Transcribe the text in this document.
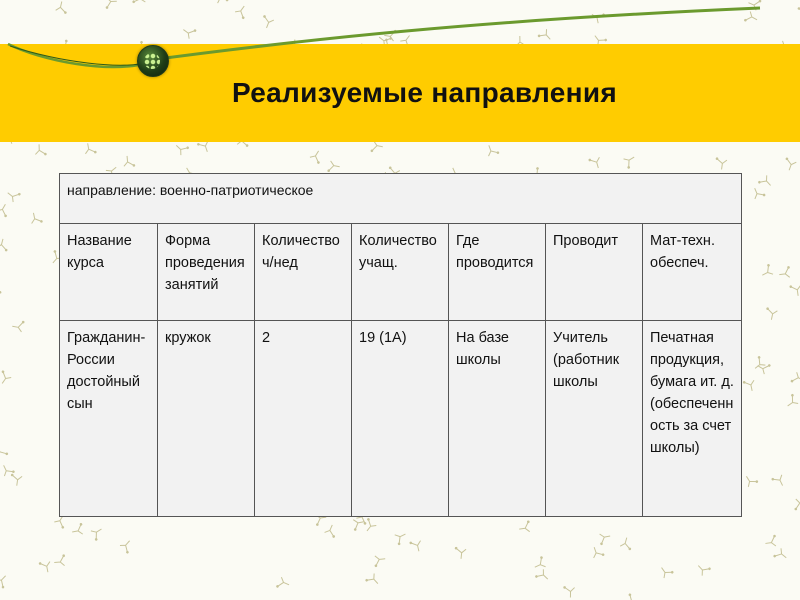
Реализуемые направления
направление: военно-патриотическое						
Название курса	Форма проведения занятий	Количество ч/нед	Количество учащ.	Где проводится	Проводит	Мат-техн. обеспеч.
Гражданин-России достойный сын	кружок	2	19 (1А)	На базе школы	Учитель (работник школы	Печатная продукция, бумага ит. д.(обеспеченность за счет школы)
